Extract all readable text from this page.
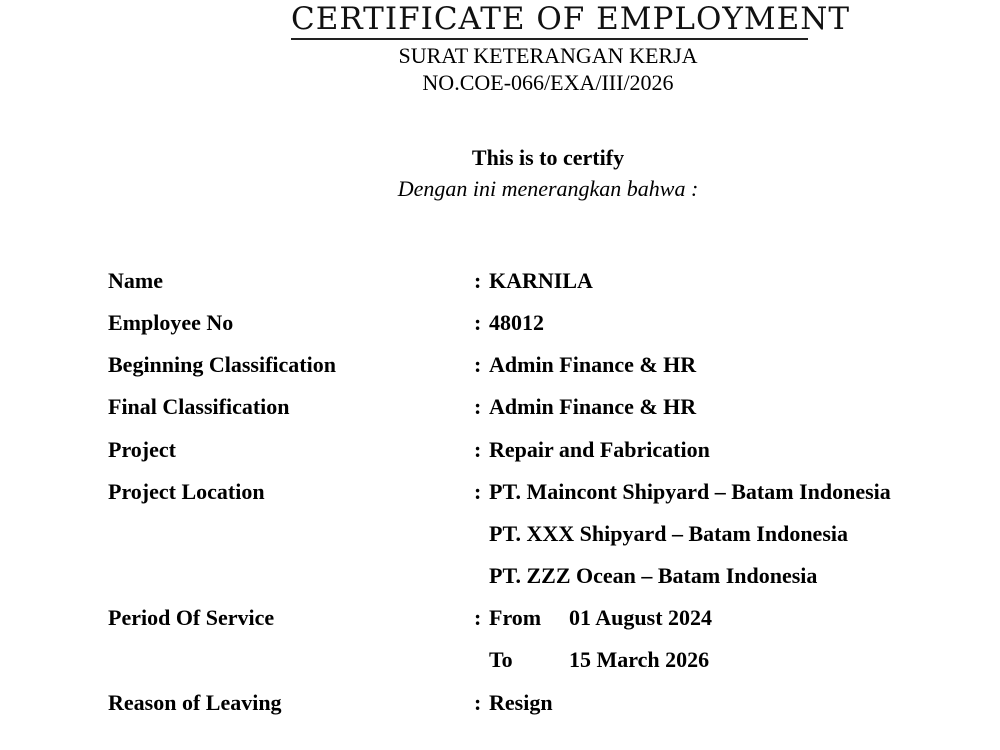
CERTIFICATE OF EMPLOYMENT
SURAT KETERANGAN KERJA
NO.COE-066/EXA/III/2026
This is to certify
Dengan ini menerangkan bahwa :
Name	: KARNILA
Employee No	: 48012
Beginning Classification	: Admin Finance & HR
Final Classification	: Admin Finance & HR
Project	: Repair and Fabrication
Project Location	: PT. Maincont Shipyard – Batam Indonesia
PT. XXX Shipyard – Batam Indonesia
PT. ZZZ Ocean – Batam Indonesia
Period Of Service	: From 01 August 2024
To	15 March 2026
Reason of Leaving	: Resign
